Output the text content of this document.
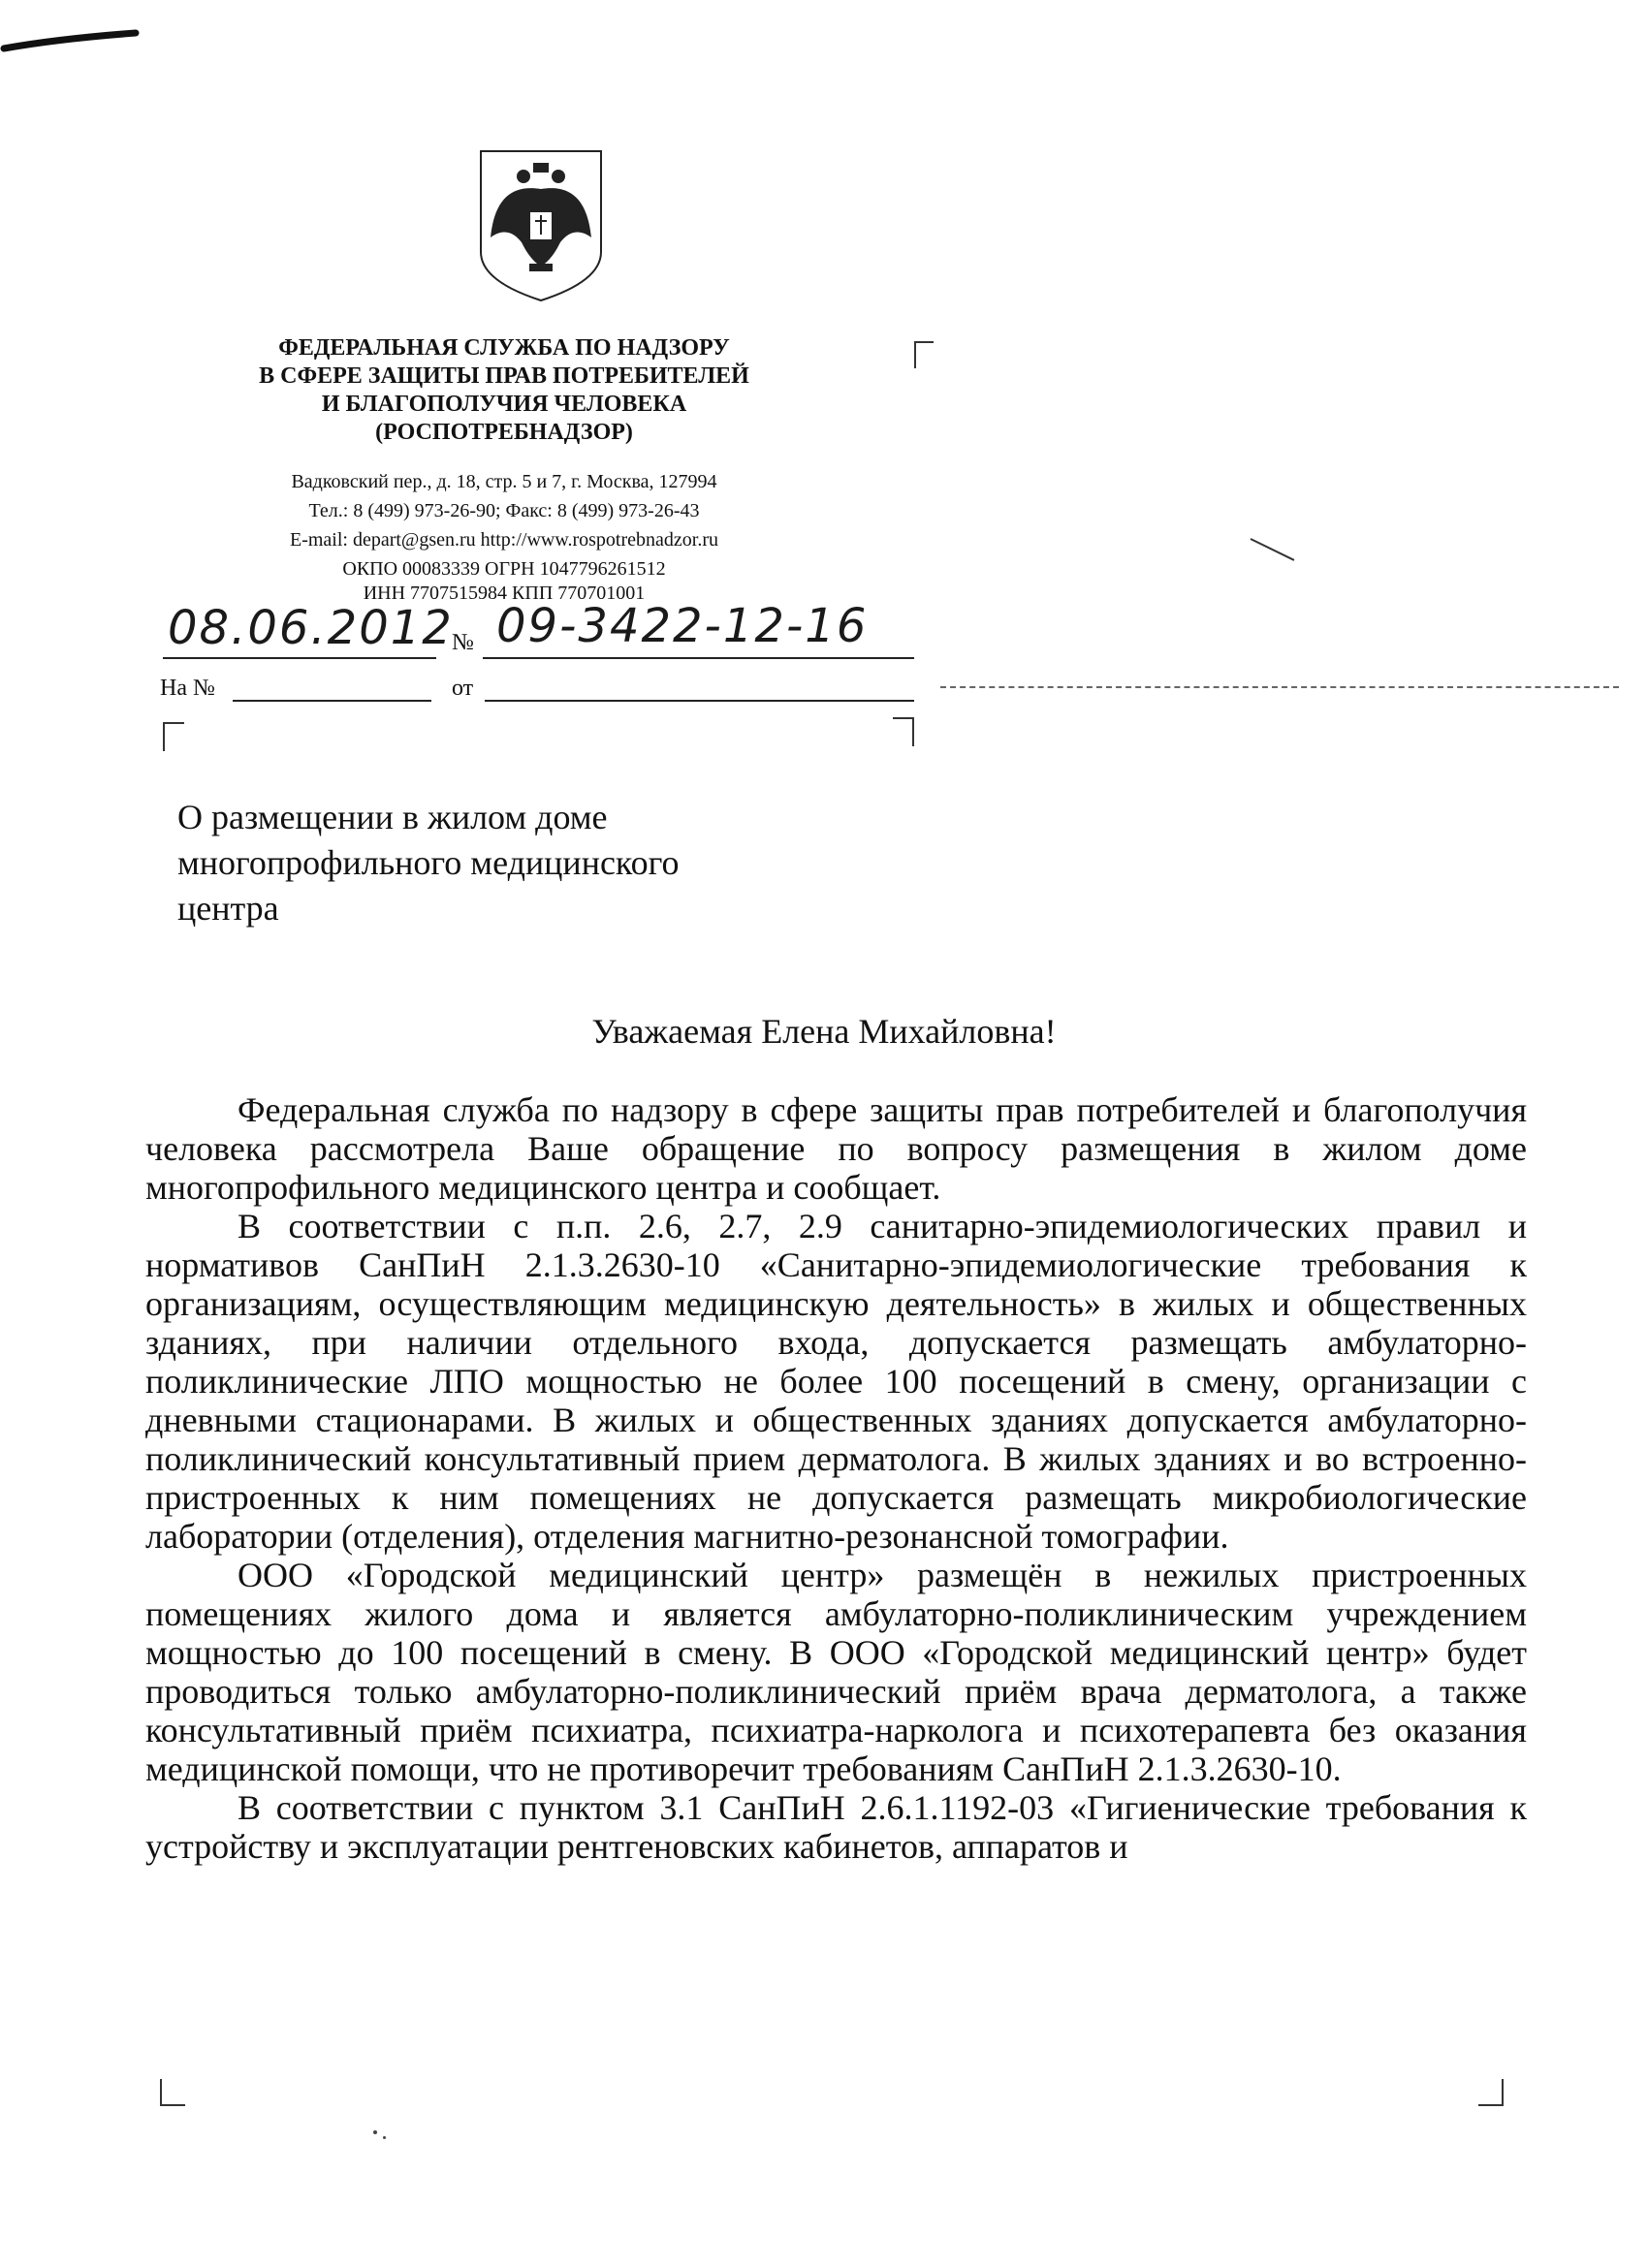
ФЕДЕРАЛЬНАЯ СЛУЖБА ПО НАДЗОРУ
В СФЕРЕ ЗАЩИТЫ ПРАВ ПОТРЕБИТЕЛЕЙ
И БЛАГОПОЛУЧИЯ ЧЕЛОВЕКА
(РОСПОТРЕБНАДЗОР)
Вадковский пер., д. 18, стр. 5 и 7, г. Москва, 127994
Тел.: 8 (499) 973-26-90; Факс: 8 (499) 973-26-43
E-mail: depart@gsen.ru http://www.rospotrebnadzor.ru
ОКПО 00083339 ОГРН 1047796261512
ИНН 7707515984 КПП 770701001
08.06.2012
№ 09-3422-12-16
На №	от
О размещении в жилом доме
многопрофильного медицинского
центра
Уважаемая Елена Михайловна!

Федеральная служба по надзору в сфере защиты прав потребителей и благополучия человека рассмотрела Ваше обращение по вопросу размещения в жилом доме многопрофильного медицинского центра и сообщает.

В соответствии с п.п. 2.6, 2.7, 2.9 санитарно-эпидемиологических правил и нормативов СанПиН 2.1.3.2630-10 «Санитарно-эпидемиологические требования к организациям, осуществляющим медицинскую деятельность» в жилых и общественных зданиях, при наличии отдельного входа, допускается размещать амбулаторно-поликлинические ЛПО мощностью не более 100 посещений в смену, организации с дневными стационарами. В жилых и общественных зданиях допускается амбулаторно-поликлинический консультативный прием дерматолога. В жилых зданиях и во встроенно-пристроенных к ним помещениях не допускается размещать микробиологические лаборатории (отделения), отделения магнитно-резонансной томографии.

ООО «Городской медицинский центр» размещён в нежилых пристроенных помещениях жилого дома и является амбулаторно-поликлиническим учреждением мощностью до 100 посещений в смену. В ООО «Городской медицинский центр» будет проводиться только амбулаторно-поликлинический приём врача дерматолога, а также консультативный приём психиатра, психиатра-нарколога и психотерапевта без оказания медицинской помощи, что не противоречит требованиям СанПиН 2.1.3.2630-10.

В соответствии с пунктом 3.1 СанПиН 2.6.1.1192-03 «Гигиенические требования к устройству и эксплуатации рентгеновских кабинетов, аппаратов и
